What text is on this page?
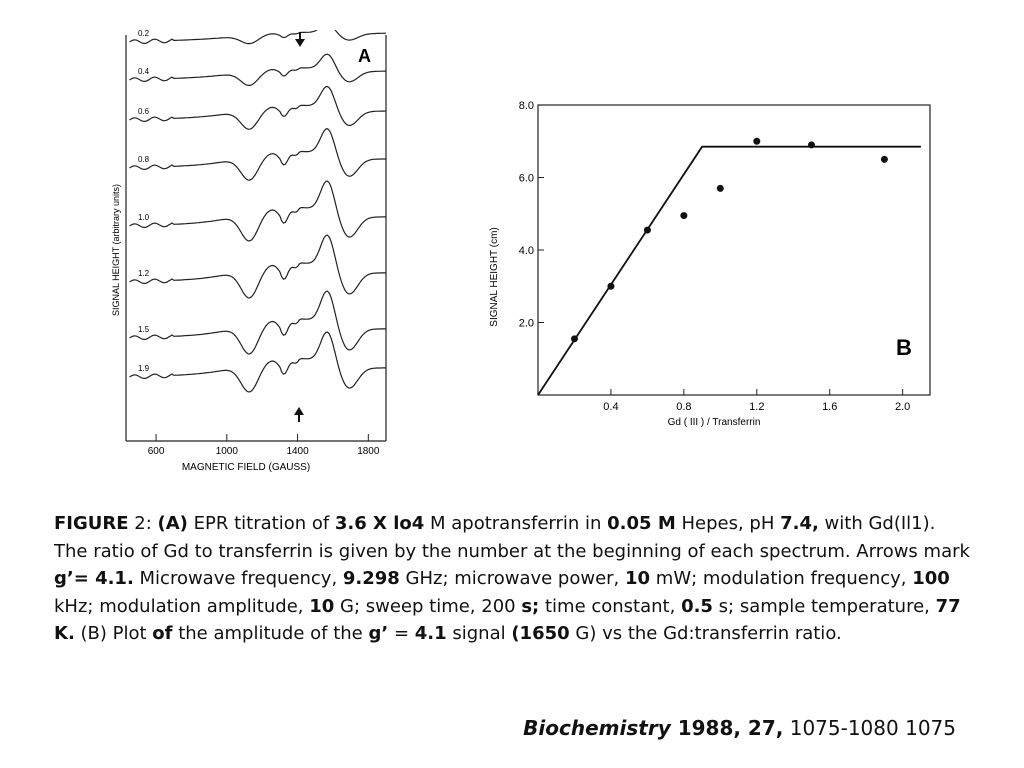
0.2
0.4
0.6
0.8
1.0
1.2
1.5
1.9
600	1000	1400	1800
A
MAGNETIC FIELD (GAUSS)
SIGNAL HEIGHT (arbitrary units)
2.0
4.0
6.0
8.0
0.4	0.8	1.2	1.6	2.0
B
Gd ( III ) / Transferrin
SIGNAL HEIGHT (cm)
FIGURE 2: (A) EPR titration of 3.6 X lo4 M apotransferrin in 0.05 M Hepes, pH 7.4, with Gd(Il1). The ratio of Gd to transferrin is given by the number at the beginning of each spectrum. Arrows mark g’= 4.1. Microwave frequency, 9.298 GHz; microwave power, 10 mW; modulation frequency, 100 kHz; modulation amplitude, 10 G; sweep time, 200 s; time constant, 0.5 s; sample temperature, 77 K. (B) Plot of the amplitude of the g’ = 4.1 signal (1650 G) vs the Gd:transferrin ratio.
Biochemistry 1988, 27, 1075-1080 1075
